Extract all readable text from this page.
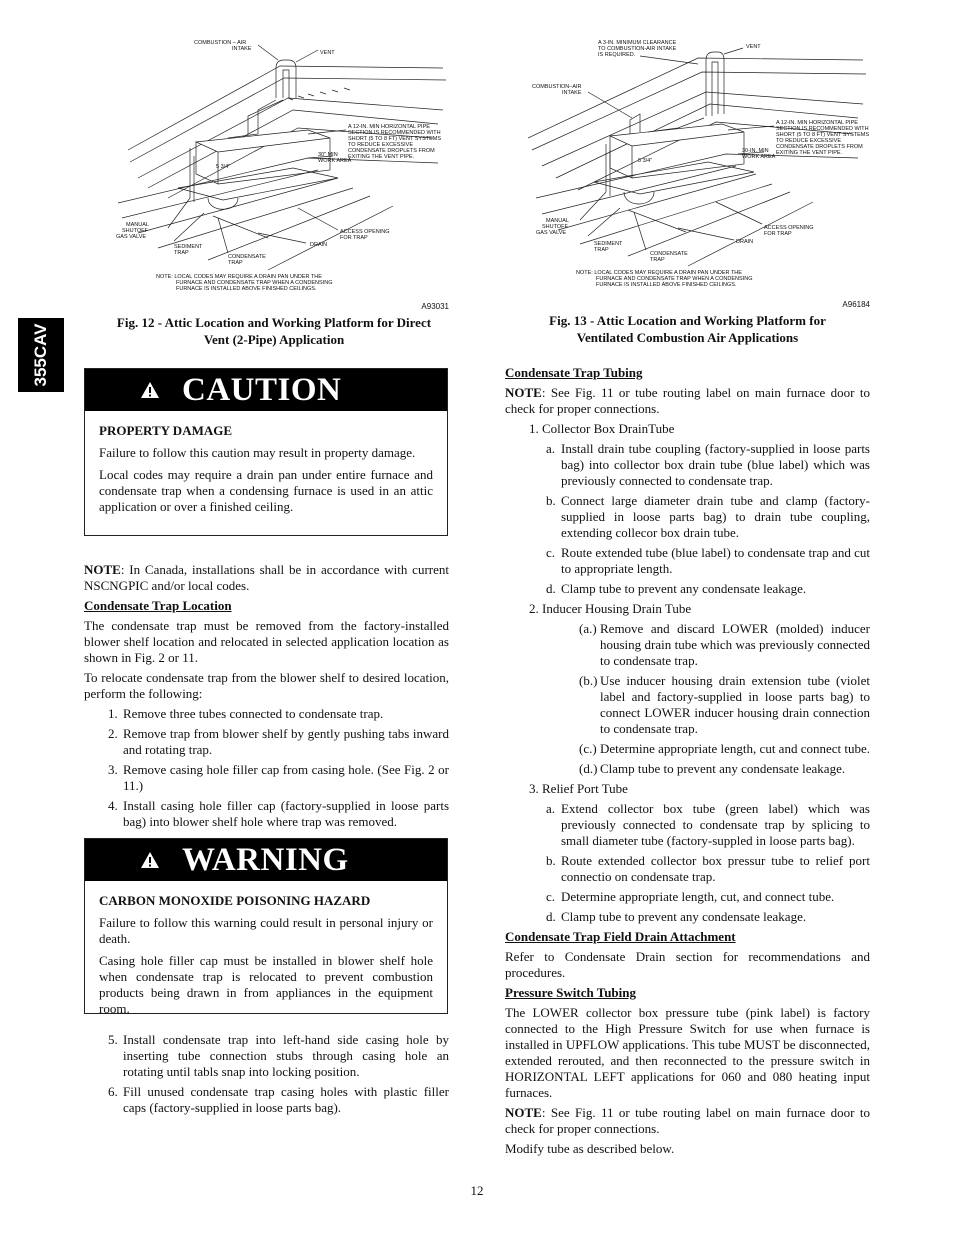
355CAV
COMBUSTION – AIR
INTAKE
VENT
A 12-IN. MIN HORIZONTAL PIPE
SECTION IS RECOMMENDED WITH
SHORT (5 TO 8 FT) VENT SYSTEMS
TO REDUCE EXCESSIVE
CONDENSATE DROPLETS FROM
EXITING THE VENT PIPE.
30" MIN
WORK AREA
5 3/4"
MANUAL
SHUTOFF
GAS VALVE
SEDIMENT
TRAP
CONDENSATE
TRAP
DRAIN
ACCESS OPENING
FOR TRAP
NOTE: LOCAL CODES MAY REQUIRE A DRAIN PAN UNDER THE
FURNACE AND CONDENSATE TRAP WHEN A CONDENSING
FURNACE IS INSTALLED ABOVE FINISHED CEILINGS.
A93031
Fig. 12 - Attic Location and Working Platform for Direct
Vent (2-Pipe) Application
A 3-IN. MINIMUM CLEARANCE
TO COMBUSTION-AIR INTAKE
IS REQUIRED.
VENT
COMBUSTION–AIR
INTAKE
A 12-IN. MIN HORIZONTAL PIPE
SECTION IS RECOMMENDED WITH
SHORT (5 TO 8 FT) VENT SYSTEMS
TO REDUCE EXCESSIVE
CONDENSATE DROPLETS FROM
EXITING THE VENT PIPE.
30-IN. MIN
WORK AREA
5 3/4"
MANUAL
SHUTOFF
GAS VALVE
SEDIMENT
TRAP
CONDENSATE
TRAP
DRAIN
ACCESS OPENING
FOR TRAP
NOTE: LOCAL CODES MAY REQUIRE A DRAIN PAN UNDER THE
FURNACE AND CONDENSATE TRAP WHEN A CONDENSING
FURNACE IS INSTALLED ABOVE FINISHED CEILINGS.
A96184
Fig. 13 - Attic Location and Working Platform for
Ventilated Combustion Air Applications
CAUTION
PROPERTY DAMAGE

Failure to follow this caution may result in property damage.

Local codes may require a drain pan under entire furnace and condensate trap when a condensing furnace is used in an attic application or over a finished ceiling.

NOTE: In Canada, installations shall be in accordance with current NSCNGPIC and/or local codes.

Condensate Trap Location

The condensate trap must be removed from the factory-installed blower shelf location and relocated in selected application location as shown in Fig. 2 or 11.

To relocate condensate trap from the blower shelf to desired location, perform the following:

1. Remove three tubes connected to condensate trap.
2. Remove trap from blower shelf by gently pushing tabs inward and rotating trap.
3. Remove casing hole filler cap from casing hole. (See Fig. 2 or 11.)
4. Install casing hole filler cap (factory-supplied in loose parts bag) into blower shelf hole where trap was removed.
WARNING
CARBON MONOXIDE POISONING HAZARD

Failure to follow this warning could result in personal injury or death.

Casing hole filler cap must be installed in blower shelf hole when condensate trap is relocated to prevent combustion products being drawn in from appliances in the equipment room.

5. Install condensate trap into left-hand side casing hole by inserting tube connection stubs through casing hole an rotating until tabls snap into locking position.
6. Fill unused condensate trap casing holes with plastic filler caps (factory-supplied in loose parts bag).
Condensate Trap Tubing

NOTE: See Fig. 11 or tube routing label on main furnace door to check for proper connections.

1. Collector Box DrainTube
a. Install drain tube coupling (factory-supplied in loose parts bag) into collector box drain tube (blue label) which was previously connected to condensate trap.
b. Connect large diameter drain tube and clamp (factory-supplied in loose parts bag) to drain tube coupling, extending collecor box drain tube.
c. Route extended tube (blue label) to condensate trap and cut to appropriate length.
d. Clamp tube to prevent any condensate leakage.
2. Inducer Housing Drain Tube
(a.) Remove and discard LOWER (molded) inducer housing drain tube which was previously connected to condensate trap.
(b.) Use inducer housing drain extension tube (violet label and factory-supplied in loose parts bag) to connect LOWER inducer housing drain connection to condensate trap.
(c.) Determine appropriate length, cut and connect tube.
(d.) Clamp tube to prevent any condensate leakage.
3. Relief Port Tube
a. Extend collector box tube (green label) which was previously connected to condensate trap by splicing to small diameter tube (factory-suppled in loose parts bag).
b. Route extended collector box pressur tube to relief port connectio on condensate trap.
c. Determine appropriate length, cut, and connect tube.
d. Clamp tube to prevent any condensate leakage.
Condensate Trap Field Drain Attachment

Refer to Condensate Drain section for recommendations and procedures.

Pressure Switch Tubing

The LOWER collector box pressure tube (pink label) is factory connected to the High Pressure Switch for use when furnace is installed in UPFLOW applications. This tube MUST be disconnected, extended rerouted, and then reconnected to the pressure switch in HORIZONTAL LEFT applications for 060 and 080 heating input furnaces.

NOTE: See Fig. 11 or tube routing label on main furnace door to check for proper connections.

Modify tube as described below.

12
